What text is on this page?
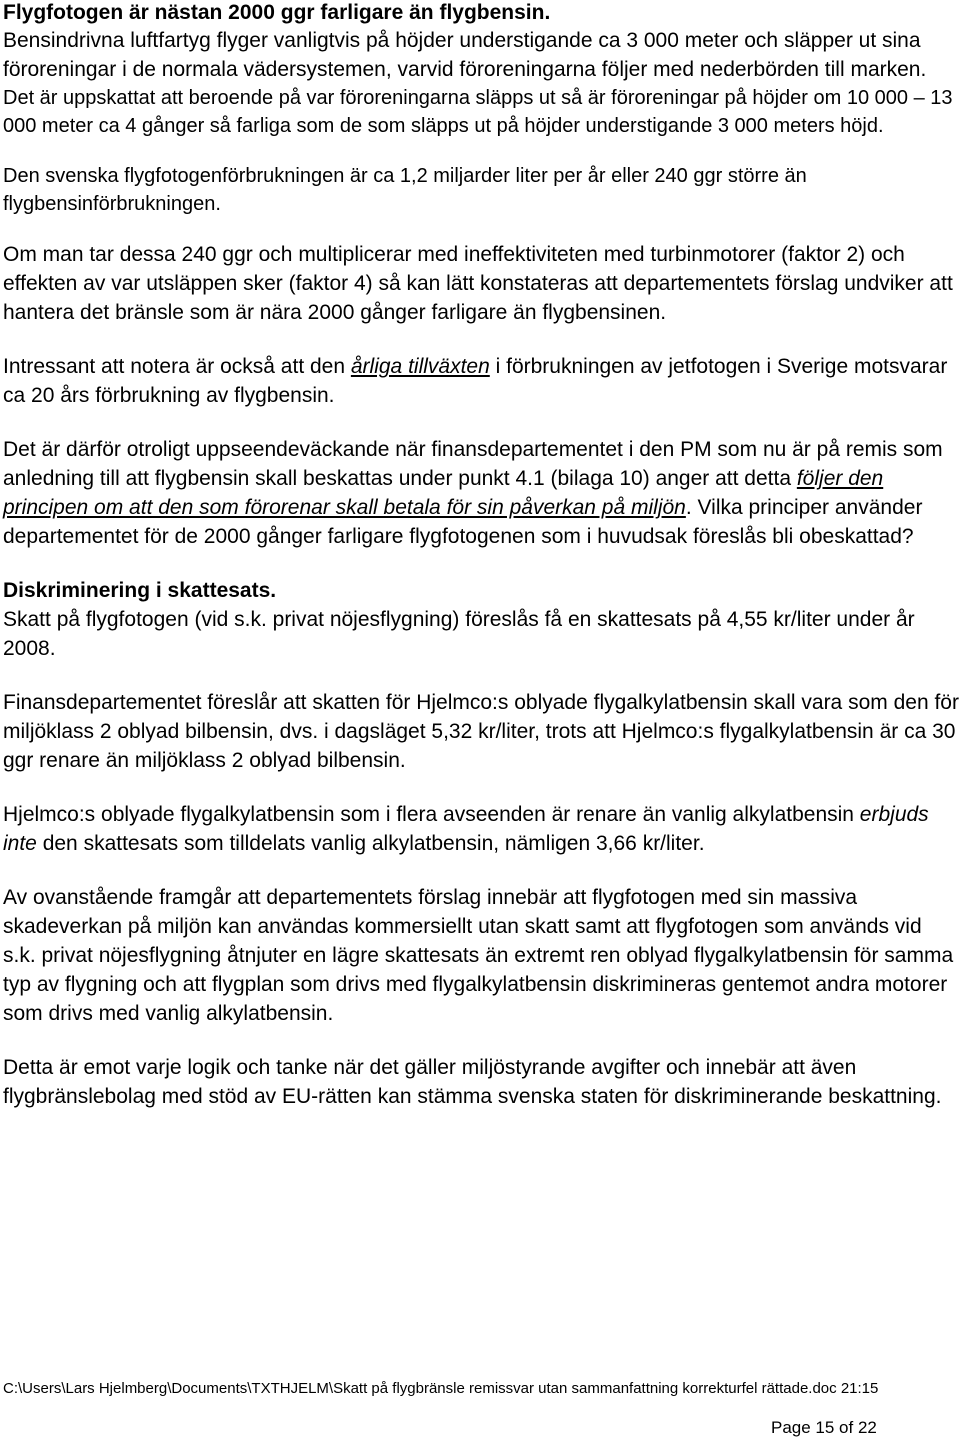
Flygfotogen är nästan 2000 ggr farligare än flygbensin.

Bensindrivna luftfartyg flyger vanligtvis på höjder understigande ca 3 000 meter och släpper ut sina föroreningar i de normala vädersystemen, varvid föroreningarna följer med nederbörden till marken.

Det är uppskattat att beroende på var föroreningarna släpps ut så är föroreningar på höjder om 10 000 – 13 000 meter ca 4 gånger så farliga som de som släpps ut på höjder understigande 3 000 meters höjd.

Den svenska flygfotogenförbrukningen är ca 1,2 miljarder liter per år eller 240 ggr större än flygbensinförbrukningen.

Om man tar dessa 240 ggr och multiplicerar med ineffektiviteten med turbinmotorer (faktor 2) och effekten av var utsläppen sker (faktor 4) så kan lätt konstateras att departementets förslag undviker att hantera det bränsle som är nära 2000 gånger farligare än flygbensinen.

Intressant att notera är också att den årliga tillväxten i förbrukningen av jetfotogen i Sverige motsvarar ca 20 års förbrukning av flygbensin.

Det är därför otroligt uppseendeväckande när finansdepartementet i den PM som nu är på remis som anledning till att flygbensin skall beskattas under punkt 4.1 (bilaga 10) anger att detta följer den principen om att den som förorenar skall betala för sin påverkan på miljön. Vilka principer använder departementet för de 2000 gånger farligare flygfotogenen som i huvudsak föreslås bli obeskattad?

Diskriminering i skattesats.

Skatt på flygfotogen (vid s.k. privat nöjesflygning) föreslås få en skattesats på 4,55 kr/liter under år 2008.

Finansdepartementet föreslår att skatten för Hjelmco:s oblyade flygalkylatbensin skall vara som den för miljöklass 2 oblyad bilbensin, dvs. i dagsläget 5,32 kr/liter, trots att Hjelmco:s flygalkylatbensin är ca 30 ggr renare än miljöklass 2 oblyad bilbensin.

Hjelmco:s oblyade flygalkylatbensin som i flera avseenden är renare än vanlig alkylatbensin erbjuds inte den skattesats som tilldelats vanlig alkylatbensin, nämligen 3,66 kr/liter.

Av ovanstående framgår att departementets förslag innebär att flygfotogen med sin massiva skadeverkan på miljön kan användas kommersiellt utan skatt samt att flygfotogen som används vid s.k. privat nöjesflygning åtnjuter en lägre skattesats än extremt ren oblyad flygalkylatbensin för samma typ av flygning och att flygplan som drivs med flygalkylatbensin diskrimineras gentemot andra motorer som drivs med vanlig alkylatbensin.

Detta är emot varje logik och tanke när det gäller miljöstyrande avgifter och innebär att även flygbränslebolag med stöd av EU-rätten kan stämma svenska staten för diskriminerande beskattning.

C:\Users\Lars Hjelmberg\Documents\TXTHJELM\Skatt på flygbränsle remissvar utan sammanfattning korrekturfel rättade.doc 21:15
Page 15 of 22
